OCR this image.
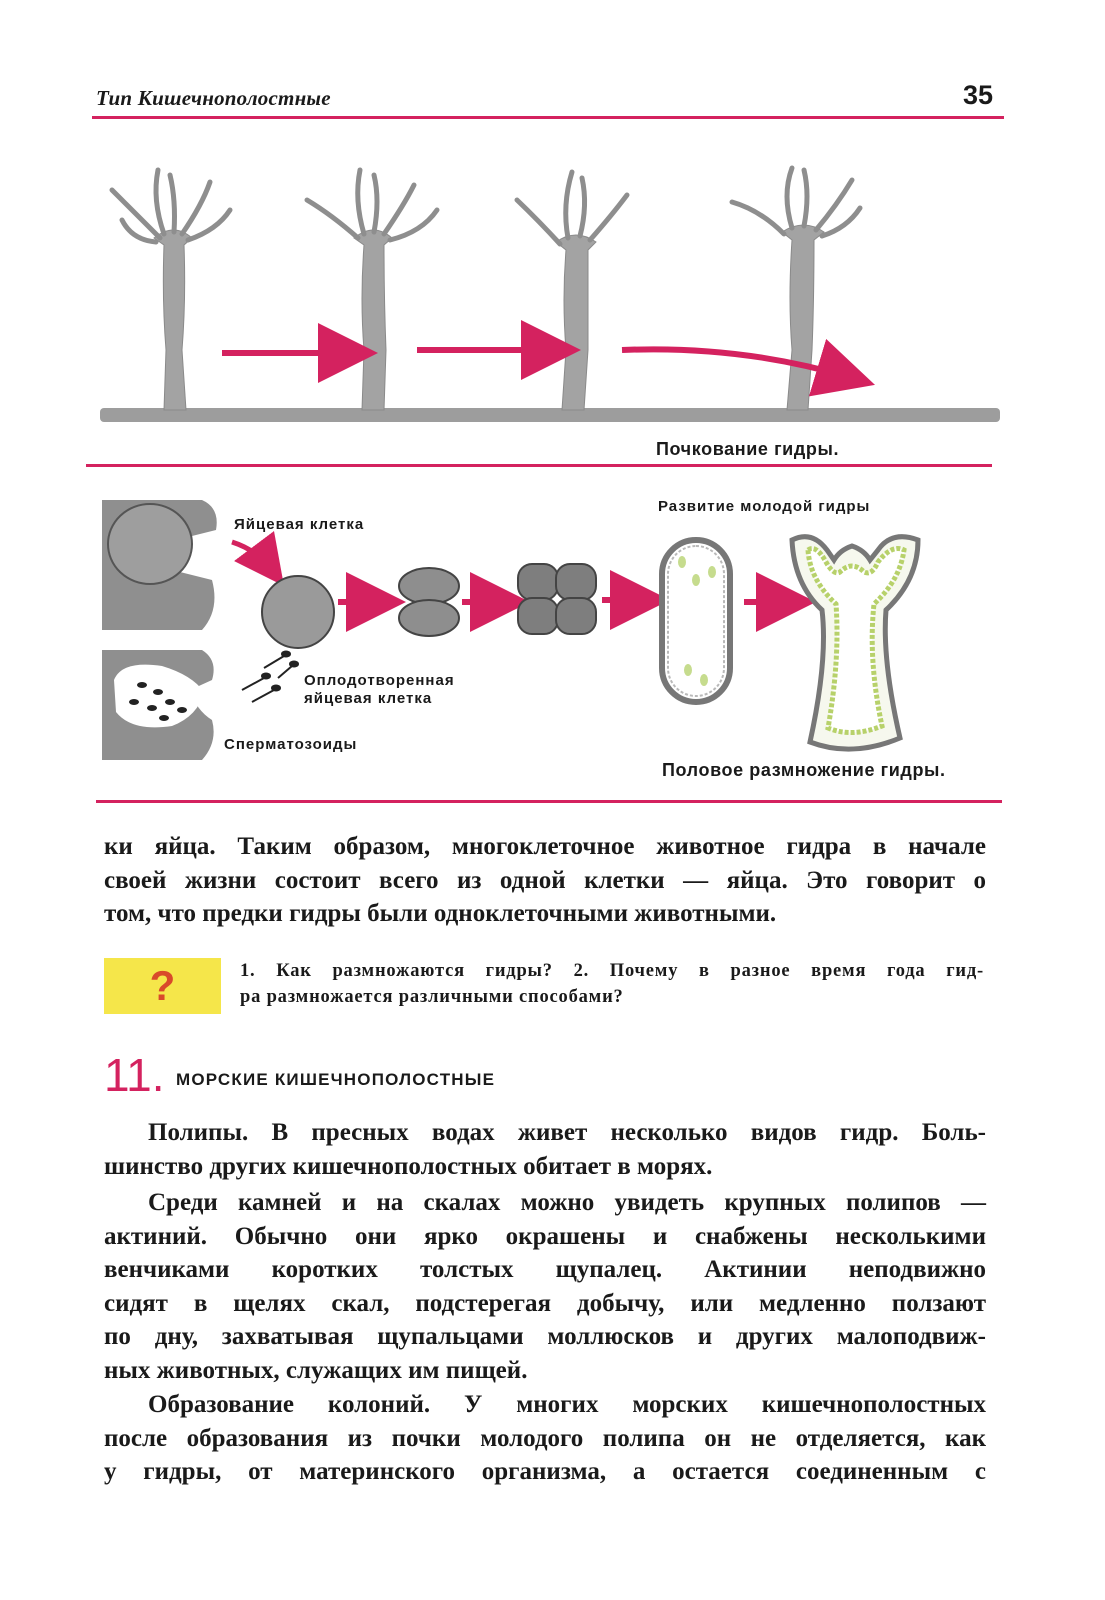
Тип Кишечнополостные	35
Почкование гидры.
Яйцевая клетка
Развитие молодой гидры
Оплодотворенная
яйцевая клетка
Сперматозоиды
Половое размножение гидры.

ки яйца. Таким образом, многоклеточное животное гидра в начале

своей жизни состоит всего из одной клетки — яйца. Это говорит о

том, что предки гидры были одноклеточными животными.

?	1. Как размножаются гидры? 2. Почему в разное время года гид-
ра размножается различными способами?
11. МОРСКИЕ КИШЕЧНОПОЛОСТНЫЕ

Полипы. В пресных водах живет несколько видов гидр. Боль-

шинство других кишечнополостных обитает в морях.

Среди камней и на скалах можно увидеть крупных полипов —

актиний. Обычно они ярко окрашены и снабжены несколькими

венчиками коротких толстых щупалец. Актинии неподвижно

сидят в щелях скал, подстерегая добычу, или медленно ползают

по дну, захватывая щупальцами моллюсков и других малоподвиж-

ных животных, служащих им пищей.

Образование колоний. У многих морских кишечнополостных

после образования из почки молодого полипа он не отделяется, как

у гидры, от материнского организма, а остается соединенным с
